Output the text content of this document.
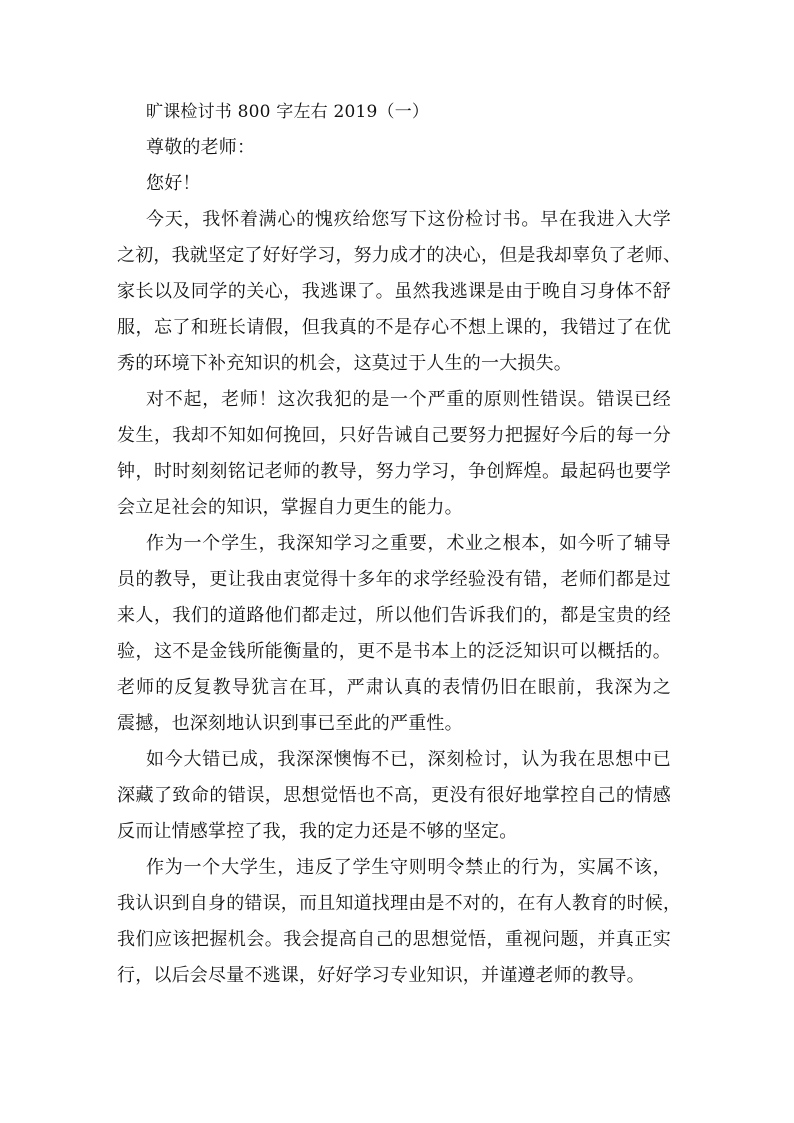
旷课检讨书 800 字左右 2019（一）
尊敬的老师：
您好！
今天，我怀着满心的愧疚给您写下这份检讨书。早在我进入大学
之初，我就坚定了好好学习，努力成才的决心，但是我却辜负了老师、
家长以及同学的关心，我逃课了。虽然我逃课是由于晚自习身体不舒
服，忘了和班长请假，但我真的不是存心不想上课的，我错过了在优
秀的环境下补充知识的机会，这莫过于人生的一大损失。
对不起，老师！这次我犯的是一个严重的原则性错误。错误已经
发生，我却不知如何挽回，只好告诫自己要努力把握好今后的每一分
钟，时时刻刻铭记老师的教导，努力学习，争创辉煌。最起码也要学
会立足社会的知识，掌握自力更生的能力。
作为一个学生，我深知学习之重要，术业之根本，如今听了辅导
员的教导，更让我由衷觉得十多年的求学经验没有错，老师们都是过
来人，我们的道路他们都走过，所以他们告诉我们的，都是宝贵的经
验，这不是金钱所能衡量的，更不是书本上的泛泛知识可以概括的。
老师的反复教导犹言在耳，严肃认真的表情仍旧在眼前，我深为之
震撼，也深刻地认识到事已至此的严重性。
如今大错已成，我深深懊悔不已，深刻检讨，认为我在思想中已
深藏了致命的错误，思想觉悟也不高，更没有很好地掌控自己的情感
反而让情感掌控了我，我的定力还是不够的坚定。
作为一个大学生，违反了学生守则明令禁止的行为，实属不该，
我认识到自身的错误，而且知道找理由是不对的，在有人教育的时候，
我们应该把握机会。我会提高自己的思想觉悟，重视问题，并真正实
行，以后会尽量不逃课，好好学习专业知识，并谨遵老师的教导。
